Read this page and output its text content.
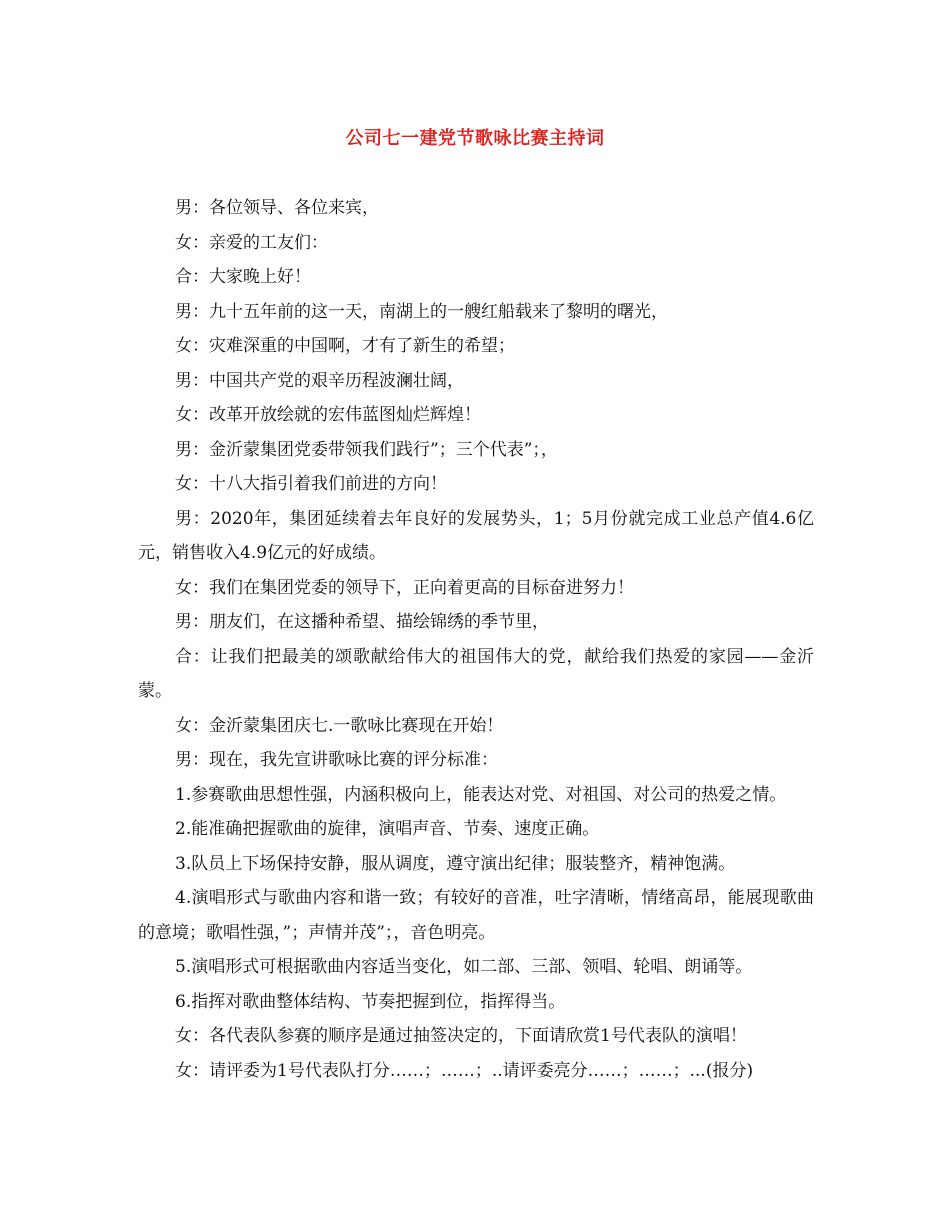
公司七一建党节歌咏比赛主持词

男：各位领导、各位来宾，

女：亲爱的工友们：

合：大家晚上好！

男：九十五年前的这一天，南湖上的一艘红船载来了黎明的曙光，

女：灾难深重的中国啊，才有了新生的希望；

男：中国共产党的艰辛历程波澜壮阔，

女：改革开放绘就的宏伟蓝图灿烂辉煌！

男：金沂蒙集团党委带领我们践行”；三个代表”；，

女：十八大指引着我们前进的方向！

男：2020年，集团延续着去年良好的发展势头，1；5月份就完成工业总产值4.6亿元，销售收入4.9亿元的好成绩。

女：我们在集团党委的领导下，正向着更高的目标奋进努力！

男：朋友们，在这播种希望、描绘锦绣的季节里，

合：让我们把最美的颂歌献给伟大的祖国伟大的党，献给我们热爱的家园——金沂蒙。

女：金沂蒙集团庆七.一歌咏比赛现在开始！

男：现在，我先宣讲歌咏比赛的评分标准：

1.参赛歌曲思想性强，内涵积极向上，能表达对党、对祖国、对公司的热爱之情。

2.能准确把握歌曲的旋律，演唱声音、节奏、速度正确。

3.队员上下场保持安静，服从调度，遵守演出纪律；服装整齐，精神饱满。

4.演唱形式与歌曲内容和谐一致；有较好的音准，吐字清晰，情绪高昂，能展现歌曲的意境；歌唱性强，”；声情并茂”；，音色明亮。

5.演唱形式可根据歌曲内容适当变化，如二部、三部、领唱、轮唱、朗诵等。

6.指挥对歌曲整体结构、节奏把握到位，指挥得当。

女：各代表队参赛的顺序是通过抽签决定的，下面请欣赏1号代表队的演唱！

女：请评委为1号代表队打分……；……；..请评委亮分……；……；...(报分)
